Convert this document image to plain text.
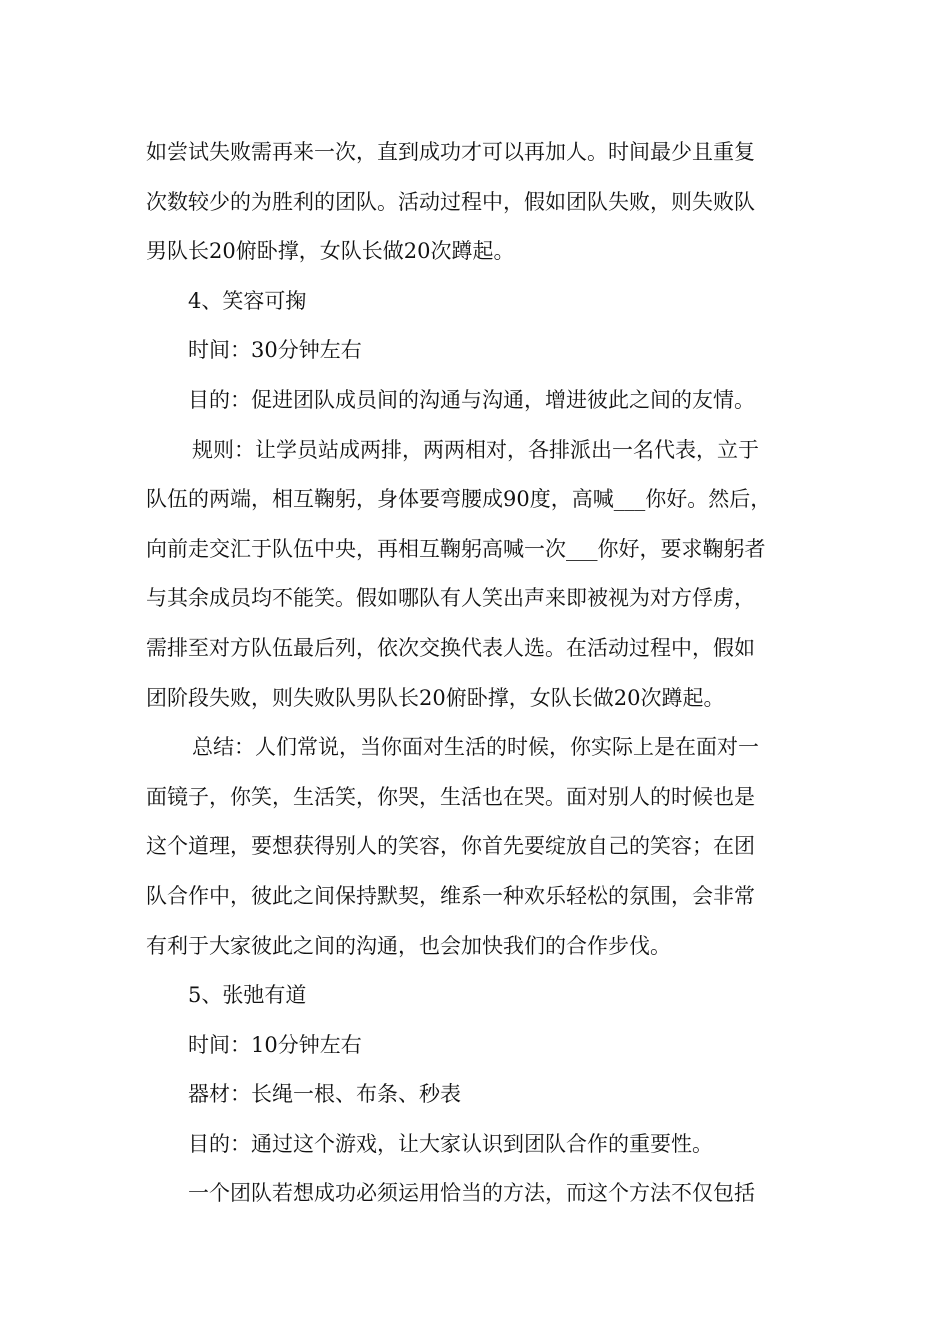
如尝试失败需再来一次，直到成功才可以再加人。时间最少且重复
次数较少的为胜利的团队。活动过程中，假如团队失败，则失败队
男队长20俯卧撑，女队长做20次蹲起。
4、笑容可掬
时间：30分钟左右
目的：促进团队成员间的沟通与沟通，增进彼此之间的友情。
规则：让学员站成两排，两两相对，各排派出一名代表，立于
队伍的两端，相互鞠躬，身体要弯腰成90度，高喊___你好。然后，
向前走交汇于队伍中央，再相互鞠躬高喊一次___你好，要求鞠躬者
与其余成员均不能笑。假如哪队有人笑出声来即被视为对方俘虏，
需排至对方队伍最后列，依次交换代表人选。在活动过程中，假如
团阶段失败，则失败队男队长20俯卧撑，女队长做20次蹲起。
总结：人们常说，当你面对生活的时候，你实际上是在面对一
面镜子，你笑，生活笑，你哭，生活也在哭。面对别人的时候也是
这个道理，要想获得别人的笑容，你首先要绽放自己的笑容；在团
队合作中，彼此之间保持默契，维系一种欢乐轻松的氛围，会非常
有利于大家彼此之间的沟通，也会加快我们的合作步伐。
5、张弛有道
时间：10分钟左右
器材：长绳一根、布条、秒表
目的：通过这个游戏，让大家认识到团队合作的重要性。
一个团队若想成功必须运用恰当的方法，而这个方法不仅包括
